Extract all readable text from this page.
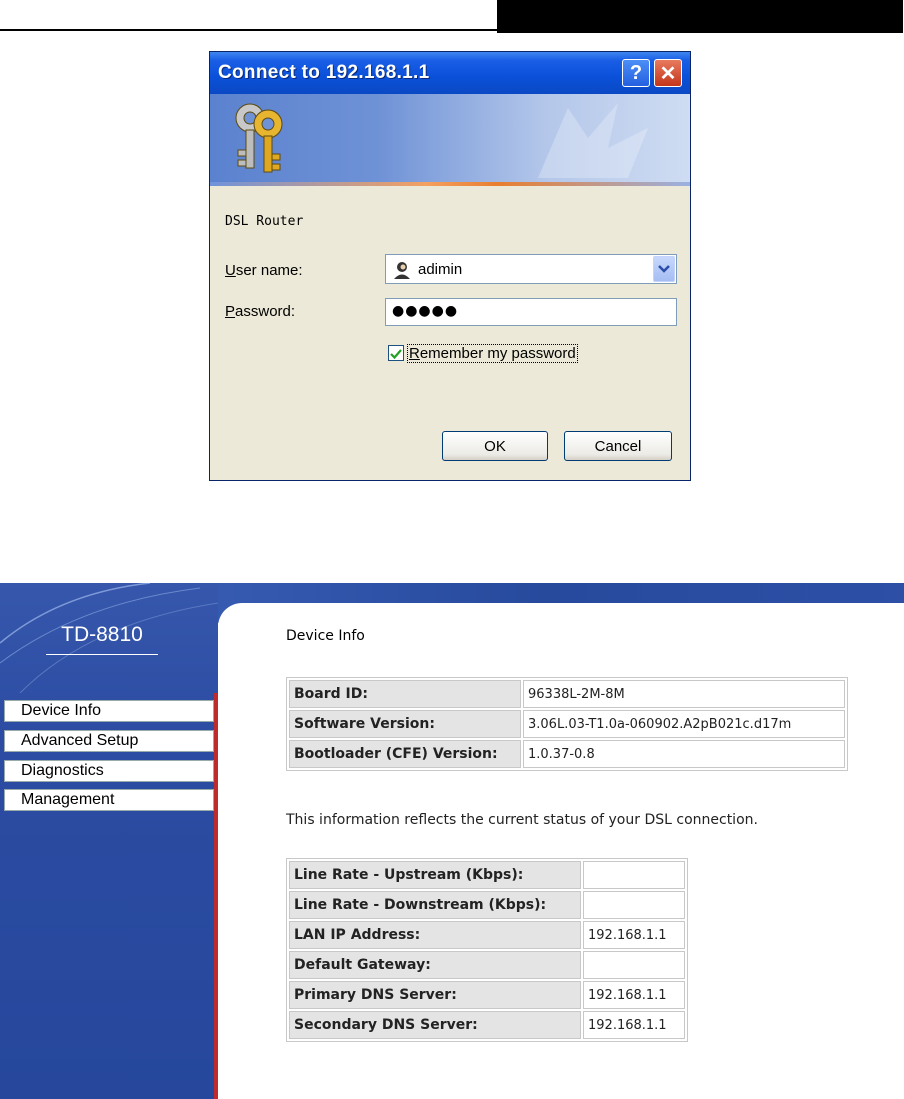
Connect to 192.168.1.1	? ✕
DSL Router
User name:	adimin
Password:	●●●●●
Remember my password
OK	Cancel
TD-8810
Device Info
Advanced Setup
Diagnostics
Management
Device Info
Board ID:	96338L-2M-8M
Software Version:	3.06L.03-T1.0a-060902.A2pB021c.d17m
Bootloader (CFE) Version:	1.0.37-0.8
This information reflects the current status of your DSL connection.
Line Rate - Upstream (Kbps):	
Line Rate - Downstream (Kbps):	
LAN IP Address:	192.168.1.1
Default Gateway:	
Primary DNS Server:	192.168.1.1
Secondary DNS Server:	192.168.1.1
